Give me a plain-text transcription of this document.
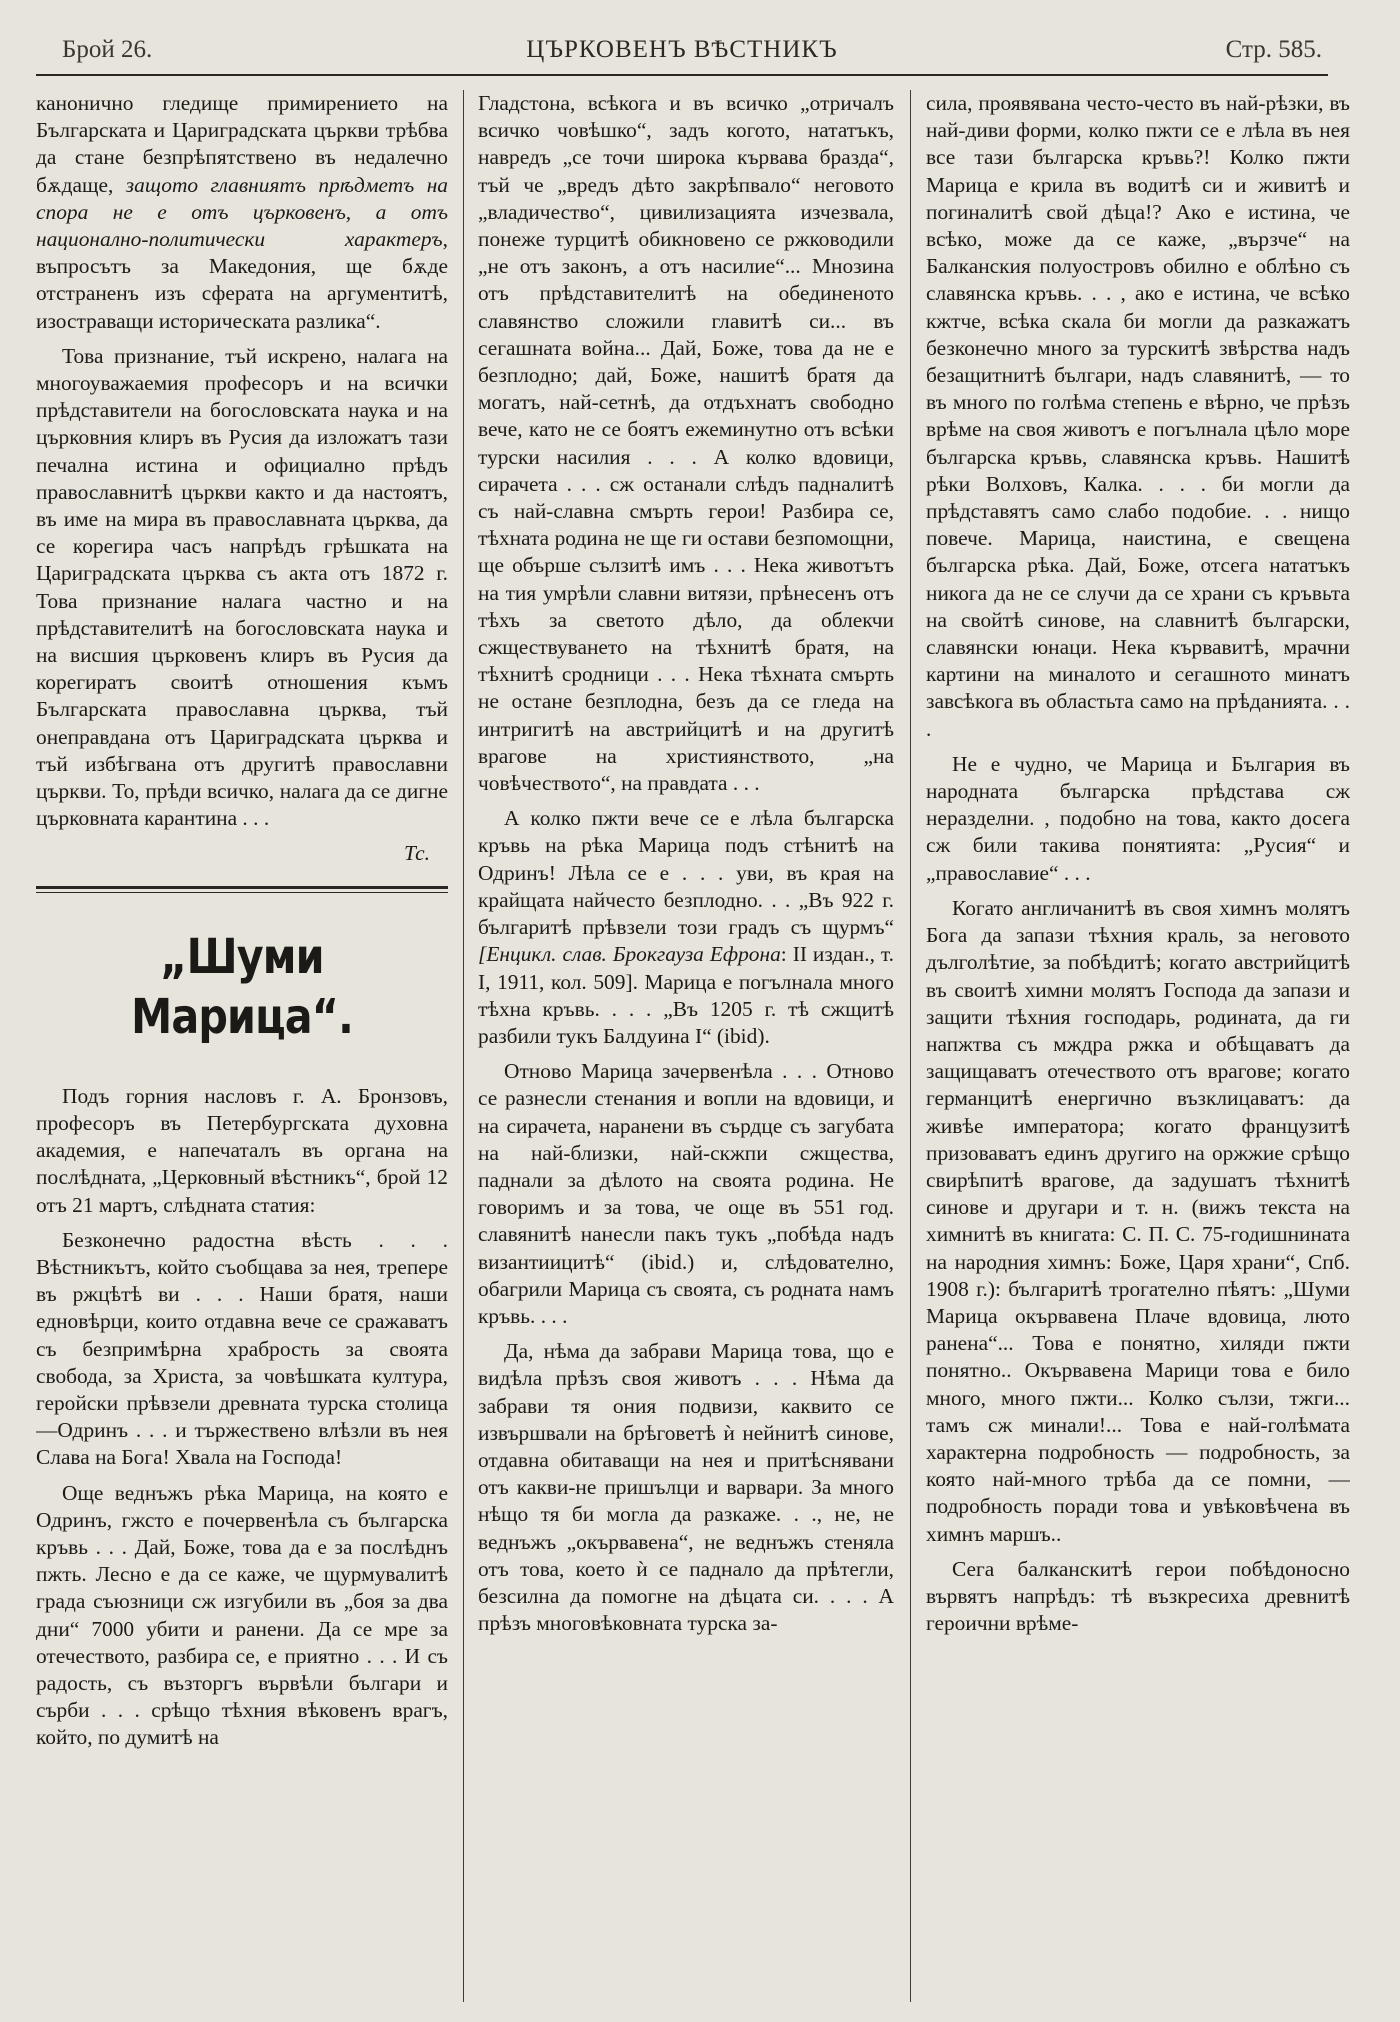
Брой 26.	ЦЪРКОВЕНЪ ВѢСТНИКЪ	Стр. 585.

канонично гледище примирението на Българската и Цариградската църкви трѣбва да стане безпрѣпятствено въ недалечно бѫдаще, защото главниятъ прѣдметъ на спора не е отъ църковенъ, а отъ национално-политически характеръ, въпросътъ за Македония, ще бѫде отстраненъ изъ сферата на аргументитѣ, изостраващи историческата разлика“.

Това признание, тъй искрено, налага на многоуважаемия професоръ и на всички прѣдставители на богословската наука и на църковния клиръ въ Русия да изложатъ тази печална истина и официално прѣдъ православнитѣ църкви както и да настоятъ, въ име на мира въ православната църква, да се корегира часъ напрѣдъ грѣшката на Цариградската църква съ акта отъ 1872 г. Това признание налага частно и на прѣдставителитѣ на богословската наука и на висшия църковенъ клиръ въ Русия да корегиратъ своитѣ отношения къмъ Българската православна църква, тъй онеправдана отъ Цариградската църква и тъй избѣгвана отъ другитѣ православни църкви. То, прѣди всичко, налага да се дигне църковната карантина . . .

Тс.
„Шуми Марица“.

Подъ горния насловъ г. А. Бронзовъ, професоръ въ Петербургската духовна академия, е напечаталъ въ органа на послѣдната, „Церковный вѣстникъ“, брой 12 отъ 21 мартъ, слѣдната статия:

Безконечно радостна вѣсть . . . Вѣстникътъ, който съобщава за нея, трепере въ ржцѣтѣ ви . . . Наши братя, наши едновѣрци, които отдавна вече се сражаватъ съ безпримѣрна храбрость за своята свобода, за Христа, за човѣшката култура, геройски прѣвзели древната турска столица—Одринъ . . . и тържествено влѣзли въ нея Слава на Бога! Хвала на Господа!

Още веднъжъ рѣка Марица, на която е Одринъ, гжсто е почервенѣла съ българска кръвь . . . Дай, Боже, това да е за послѣднъ пжть. Лесно е да се каже, че щурмувалитѣ града съюзници сж изгубили въ „боя за два дни“ 7000 убити и ранени. Да се мре за отечеството, разбира се, е приятно . . . И съ радость, съ възторгъ вървѣли българи и сърби . . . срѣщо тѣхния вѣковенъ врагъ, който, по думитѣ на

Гладстона, всѣкога и въ всичко „отричалъ всичко човѣшко“, задъ когото, нататъкъ, навредъ „се точи широка кървава бразда“, тъй че „вредъ дѣто закрѣпвало“ неговото „владичество“, цивилизацията изчезвала, понеже турцитѣ обикновено се ржководили „не отъ законъ, а отъ насилие“... Мнозина отъ прѣдставителитѣ на обединеното славянство сложили главитѣ си... въ сегашната война... Дай, Боже, това да не е безплодно; дай, Боже, нашитѣ братя да могатъ, най-сетнѣ, да отдъхнатъ свободно вече, като не се боятъ ежеминутно отъ всѣки турски насилия . . . А колко вдовици, сирачета . . . сж останали слѣдъ падналитѣ съ най-славна смърть герои! Разбира се, тѣхната родина не ще ги остави безпомощни, ще обърше сълзитѣ имъ . . . Нека животътъ на тия умрѣли славни витязи, прѣнесенъ отъ тѣхъ за светото дѣло, да облекчи сжществуването на тѣхнитѣ братя, на тѣхнитѣ сродници . . . Нека тѣхната смърть не остане безплодна, безъ да се гледа на интригитѣ на австрийцитѣ и на другитѣ врагове на християнството, „на човѣчеството“, на правдата . . .

А колко пжти вече се е лѣла българска кръвь на рѣка Марица подъ стѣнитѣ на Одринъ! Лѣла се е . . . уви, въ края на крайщата найчесто безплодно. . . „Въ 922 г. българитѣ прѣвзели този градъ съ щурмъ“ [Енцикл. слав. Брокгауза Ефрона: II издан., т. I, 1911, кол. 509]. Марица е погълнала много тѣхна кръвь. . . . „Въ 1205 г. тѣ сжщитѣ разбили тукъ Балдуина I“ (ibid).

Отново Марица зачервенѣла . . . Отново се разнесли стенания и вопли на вдовици, и на сирачета, наранени въ сърдце съ загубата на най-близки, най-скжпи сжщества, паднали за дѣлото на своята родина. Не говоримъ и за това, че още въ 551 год. славянитѣ нанесли пакъ тукъ „побѣда надъ византиицитѣ“ (ibid.) и, слѣдователно, обагрили Марица съ своята, съ родната намъ кръвь. . . .

Да, нѣма да забрави Марица това, що е видѣла прѣзъ своя животъ . . . Нѣма да забрави тя ония подвизи, каквито се извършвали на брѣговетѣ ѝ нейнитѣ синове, отдавна обитаващи на нея и притѣснявани отъ какви-не пришълци и варвари. За много нѣщо тя би могла да разкаже. . ., не, не веднъжъ „окървавена“, не веднъжъ стеняла отъ това, което ѝ се паднало да прѣтегли, безсилна да помогне на дѣцата си. . . . А прѣзъ многовѣковната турска за-

сила, проявявана често-често въ най-рѣзки, въ най-диви форми, колко пжти се е лѣла въ нея все тази българска кръвь?! Колко пжти Марица е крила въ водитѣ си и живитѣ и погиналитѣ свой дѣца!? Ако е истина, че всѣко, може да се каже, „вързче“ на Балканския полуостровъ обилно е облѣно съ славянска кръвь. . . , ако е истина, че всѣко кжтче, всѣка скала би могли да разкажатъ безконечно много за турскитѣ звѣрства надъ безащитнитѣ българи, надъ славянитѣ, — то въ много по голѣма степень е вѣрно, че прѣзъ врѣме на своя животъ е погълнала цѣло море българска кръвь, славянска кръвь. Нашитѣ рѣки Волховъ, Калка. . . . би могли да прѣдставятъ само слабо подобие. . . нищо повече. Марица, наистина, е свещена българска рѣка. Дай, Боже, отсега нататъкъ никога да не се случи да се храни съ кръвьта на свойтѣ синове, на славнитѣ български, славянски юнаци. Нека кървавитѣ, мрачни картини на миналото и сегашното минатъ завсѣкога въ областьта само на прѣданията. . . .

Не е чудно, че Марица и България въ народната българска прѣдстава сж неразделни. , подобно на това, както досега сж били такива понятията: „Русия“ и „православие“ . . .

Когато англичанитѣ въ своя химнъ молятъ Бога да запази тѣхния краль, за неговото дълголѣтие, за побѣдитѣ; когато австрийцитѣ въ своитѣ химни молятъ Господа да запази и защити тѣхния господарь, родината, да ги напжтва съ мждра ржка и обѣщаватъ да защищаватъ отечеството отъ врагове; когато германцитѣ енергично възклицаватъ: да живѣе императора; когато французитѣ призоваватъ единъ другиго на оржжие срѣщо свирѣпитѣ врагове, да задушатъ тѣхнитѣ синове и другари и т. н. (вижъ текста на химнитѣ въ книгата: С. П. С. 75-годишнината на народния химнъ: Боже, Царя храни“, Спб. 1908 г.): българитѣ трогателно пѣятъ: „Шуми Марица окървавена Плаче вдовица, люто ранена“... Това е понятно, хиляди пжти понятно.. Окървавена Марици това е било много, много пжти... Колко сълзи, тжги... тамъ сж минали!... Това е най-голѣмата характерна подробность — подробность, за която най-много трѣба да се помни, — подробность поради това и увѣковѣчена въ химнъ маршъ..

Сега балканскитѣ герои побѣдоносно вървятъ напрѣдъ: тѣ възкресиха древнитѣ героични врѣме-
